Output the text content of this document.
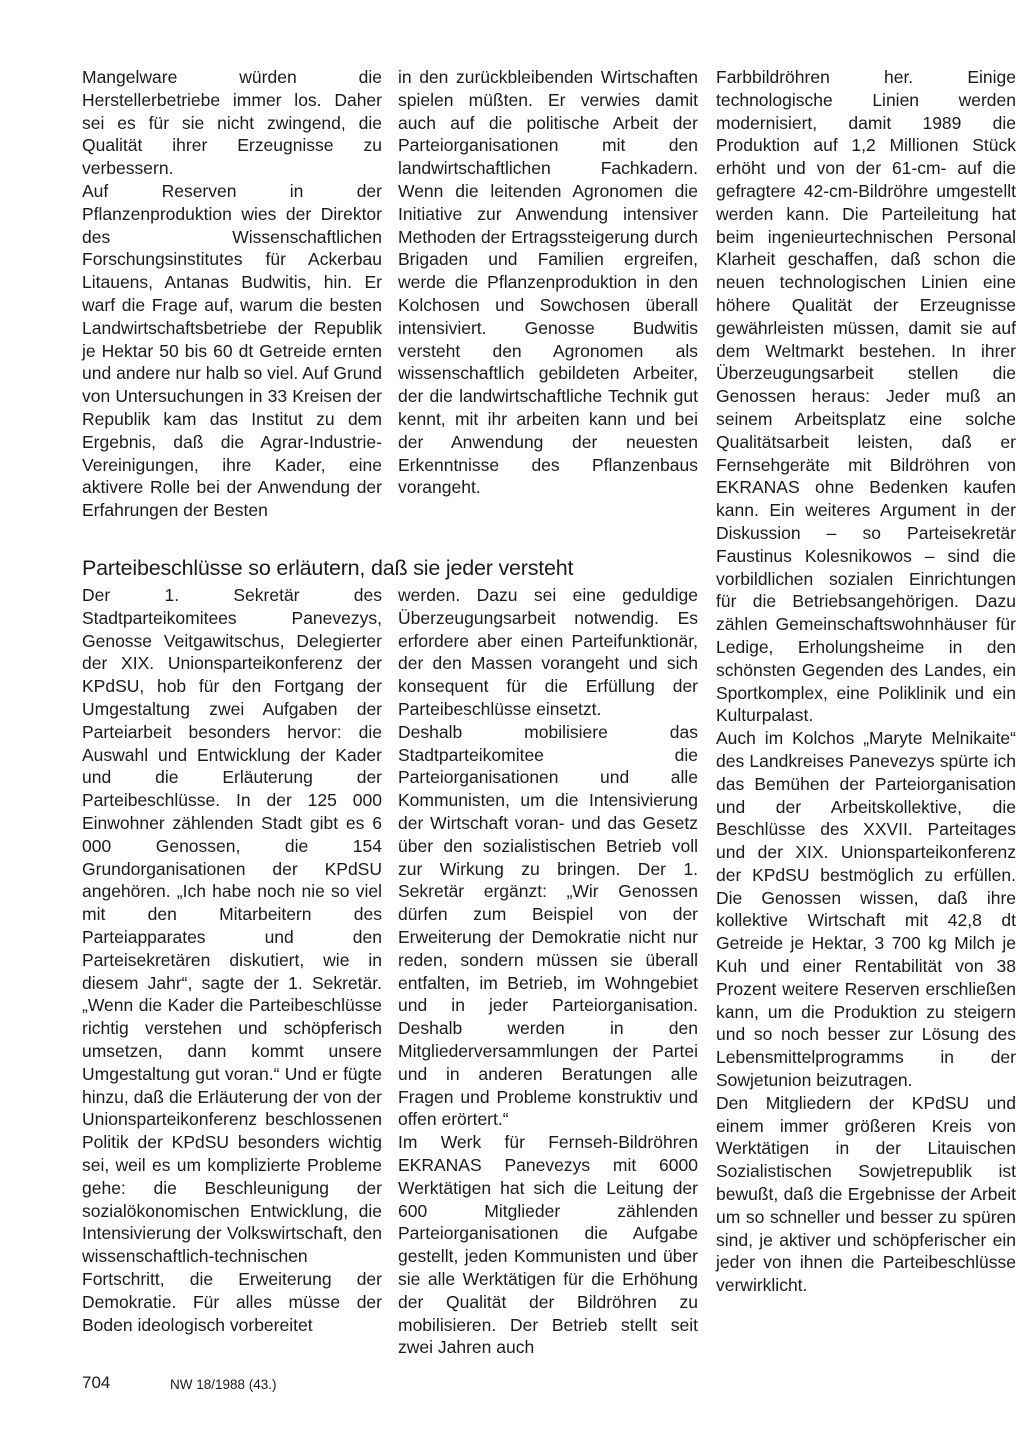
Mangelware würden die Herstellerbetriebe immer los. Daher sei es für sie nicht zwingend, die Qualität ihrer Erzeugnisse zu verbessern.

Auf Reserven in der Pflanzenproduktion wies der Direktor des Wissenschaftlichen Forschungsinstitutes für Ackerbau Litauens, Antanas Budwitis, hin. Er warf die Frage auf, warum die besten Landwirtschaftsbetriebe der Republik je Hektar 50 bis 60 dt Getreide ernten und andere nur halb so viel. Auf Grund von Untersuchungen in 33 Kreisen der Republik kam das Institut zu dem Ergebnis, daß die Agrar-Industrie-Vereinigungen, ihre Kader, eine aktivere Rolle bei der Anwendung der Erfahrungen der Besten

in den zurückbleibenden Wirtschaften spielen müßten. Er verwies damit auch auf die politische Arbeit der Parteiorganisationen mit den landwirtschaftlichen Fachkadern. Wenn die leitenden Agronomen die Initiative zur Anwendung intensiver Methoden der Ertragssteigerung durch Brigaden und Familien ergreifen, werde die Pflanzenproduktion in den Kolchosen und Sowchosen überall intensiviert. Genosse Budwitis versteht den Agronomen als wissenschaftlich gebildeten Arbeiter, der die landwirtschaftliche Technik gut kennt, mit ihr arbeiten kann und bei der Anwendung der neuesten Erkenntnisse des Pflanzenbaus vorangeht.

Parteibeschlüsse so erläutern, daß sie jeder versteht

Der 1. Sekretär des Stadtparteikomitees Panevezys, Genosse Veitgawitschus, Delegierter der XIX. Unionsparteikonferenz der KPdSU, hob für den Fortgang der Umgestaltung zwei Aufgaben der Parteiarbeit besonders hervor: die Auswahl und Entwicklung der Kader und die Erläuterung der Parteibeschlüsse. In der 125 000 Einwohner zählenden Stadt gibt es 6 000 Genossen, die 154 Grundorganisationen der KPdSU angehören. „Ich habe noch nie so viel mit den Mitarbeitern des Parteiapparates und den Parteisekretären diskutiert, wie in diesem Jahr“, sagte der 1. Sekretär. „Wenn die Kader die Parteibeschlüsse richtig verstehen und schöpferisch umsetzen, dann kommt unsere Umgestaltung gut voran.“ Und er fügte hinzu, daß die Erläuterung der von der Unionsparteikonferenz beschlossenen Politik der KPdSU besonders wichtig sei, weil es um komplizierte Probleme gehe: die Beschleunigung der sozialökonomischen Entwicklung, die Intensivierung der Volkswirtschaft, den wissenschaftlich-technischen Fortschritt, die Erweiterung der Demokratie. Für alles müsse der Boden ideologisch vorbereitet

werden. Dazu sei eine geduldige Überzeugungsarbeit notwendig. Es erfordere aber einen Parteifunktionär, der den Massen vorangeht und sich konsequent für die Erfüllung der Parteibeschlüsse einsetzt.

Deshalb mobilisiere das Stadtparteikomitee die Parteiorganisationen und alle Kommunisten, um die Intensivierung der Wirtschaft voran- und das Gesetz über den sozialistischen Betrieb voll zur Wirkung zu bringen. Der 1. Sekretär ergänzt: „Wir Genossen dürfen zum Beispiel von der Erweiterung der Demokratie nicht nur reden, sondern müssen sie überall entfalten, im Betrieb, im Wohngebiet und in jeder Parteiorganisation. Deshalb werden in den Mitgliederversammlungen der Partei und in anderen Beratungen alle Fragen und Probleme konstruktiv und offen erörtert.“

Im Werk für Fernseh-Bildröhren EKRANAS Panevezys mit 6000 Werktätigen hat sich die Leitung der 600 Mitglieder zählenden Parteiorganisationen die Aufgabe gestellt, jeden Kommunisten und über sie alle Werktätigen für die Erhöhung der Qualität der Bildröhren zu mobilisieren. Der Betrieb stellt seit zwei Jahren auch

Farbbildröhren her. Einige technologische Linien werden modernisiert, damit 1989 die Produktion auf 1,2 Millionen Stück erhöht und von der 61-cm- auf die gefragtere 42-cm-Bildröhre umgestellt werden kann. Die Parteileitung hat beim ingenieurtechnischen Personal Klarheit geschaffen, daß schon die neuen technologischen Linien eine höhere Qualität der Erzeugnisse gewährleisten müssen, damit sie auf dem Weltmarkt bestehen. In ihrer Überzeugungsarbeit stellen die Genossen heraus: Jeder muß an seinem Arbeitsplatz eine solche Qualitätsarbeit leisten, daß er Fernsehgeräte mit Bildröhren von EKRANAS ohne Bedenken kaufen kann. Ein weiteres Argument in der Diskussion – so Parteisekretär Faustinus Kolesnikowos – sind die vorbildlichen sozialen Einrichtungen für die Betriebsangehörigen. Dazu zählen Gemeinschaftswohnhäuser für Ledige, Erholungsheime in den schönsten Gegenden des Landes, ein Sportkomplex, eine Poliklinik und ein Kulturpalast.

Auch im Kolchos „Maryte Melnikaite“ des Landkreises Panevezys spürte ich das Bemühen der Parteiorganisation und der Arbeitskollektive, die Beschlüsse des XXVII. Parteitages und der XIX. Unionsparteikonferenz der KPdSU bestmöglich zu erfüllen. Die Genossen wissen, daß ihre kollektive Wirtschaft mit 42,8 dt Getreide je Hektar, 3 700 kg Milch je Kuh und einer Rentabilität von 38 Prozent weitere Reserven erschließen kann, um die Produktion zu steigern und so noch besser zur Lösung des Lebensmittelprogramms in der Sowjetunion beizutragen.

Den Mitgliedern der KPdSU und einem immer größeren Kreis von Werktätigen in der Litauischen Sozialistischen Sowjetrepublik ist bewußt, daß die Ergebnisse der Arbeit um so schneller und besser zu spüren sind, je aktiver und schöpferischer ein jeder von ihnen die Parteibeschlüsse verwirklicht.

704	NW 18/1988 (43.)
